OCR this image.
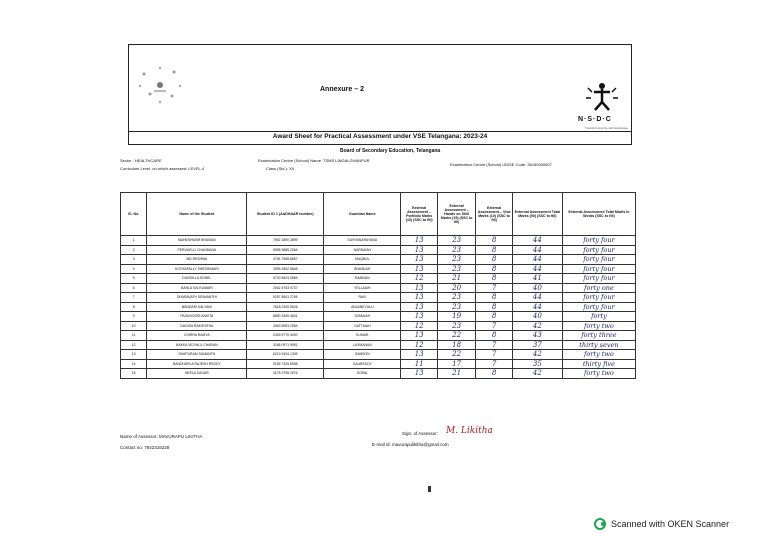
Annexure – 2
N·S·D·C
Transforming the skill landscape
Award Sheet for Practical Assessment under VSE Telangana: 2023-24
Board of Secondary Education, Telangana
Sector : HEALTHCARE
Curriculum Level, on which assessed: LEVEL-4
Examination Centre (School) Name: TSMS LINGALGHANPUR
Class (Std.): XII
Examination Centre (School) UDISE Code: 36150900507
Sl. No.	Name of the Student	Student ID 1 (AADHAAR number)	Guardian Name	External Assessment – Portfolio Marks (10) (SSC to fill)	External Assessment – Hands on Skill Marks (15) (SSC to fill)	External Assessment – Viva Marks (10) (SSC to fill)	External Assessment Total Marks (50) (SSC to fill)	External Assessment Total Marks in Words (SSC to fill)
1	MAHESHWAR BHAVANI	7892 2890 3899	SURYANARAYANA	13	23	8	44	forty four
2	PERUKELLI CHANDANA	5998 3685 2064	NARSAIAH	13	23	8	44	forty four
3	MD RESHMA	4794 7968 8857	MAQBUL	13	23	8	44	forty four
4	KOTHAPALLY SHESHIMARI	2595 2692 5848	BHASKAR	13	23	8	44	forty four
5	DUDDILLA SOHEL	6720 5624 0565	RAMDAN	12	21	8	41	forty four
6	BARLA SAI KUMARI	2042 4753 0737	YELLAIAH	13	20	7	40	forty one
7	DHARAVATH SRAVANTHI	9257 8541 2765	RAVI	13	23	8	44	forty four
8	BANDARI KALYANI	7818 0345 5526	ANJANEYULU	13	23	8	44	forty four
9	PASUNOORI ANKITA	8650 3265 4631	SOMAIAH	13	19	8	40	forty
10	DAGISA RAKSHITHA	3363 5953 2565	GATTAIAH	12	23	7	42	forty two
11	CHIRRA RAMYA	2309 5770 4000	KUMAR	13	22	8	43	forty three
12	NAKKA VIDYALU CHARAN	3186 0971 9051	LAXMANAN	12	18	7	37	thirty seven
13	SHAPURAM SUMANTH	6213 9434 1309	SAMSON	13	22	7	42	forty two
14	BANDHARLA RAJESH REDDY	9169 7325 6998	GAUREDDY	11	17	7	35	thirty five
15	NEELA SAGAR	4178 3795 2576	GOPAL	13	21	8	42	forty two
Name of Assessor: MAVURAPU LIKITHA
Contact no: 7842316228
Sign. of Assessor: M. Likitha
E-mail id: mavurapulikitha@gmail.com
Scanned with OKEN Scanner
